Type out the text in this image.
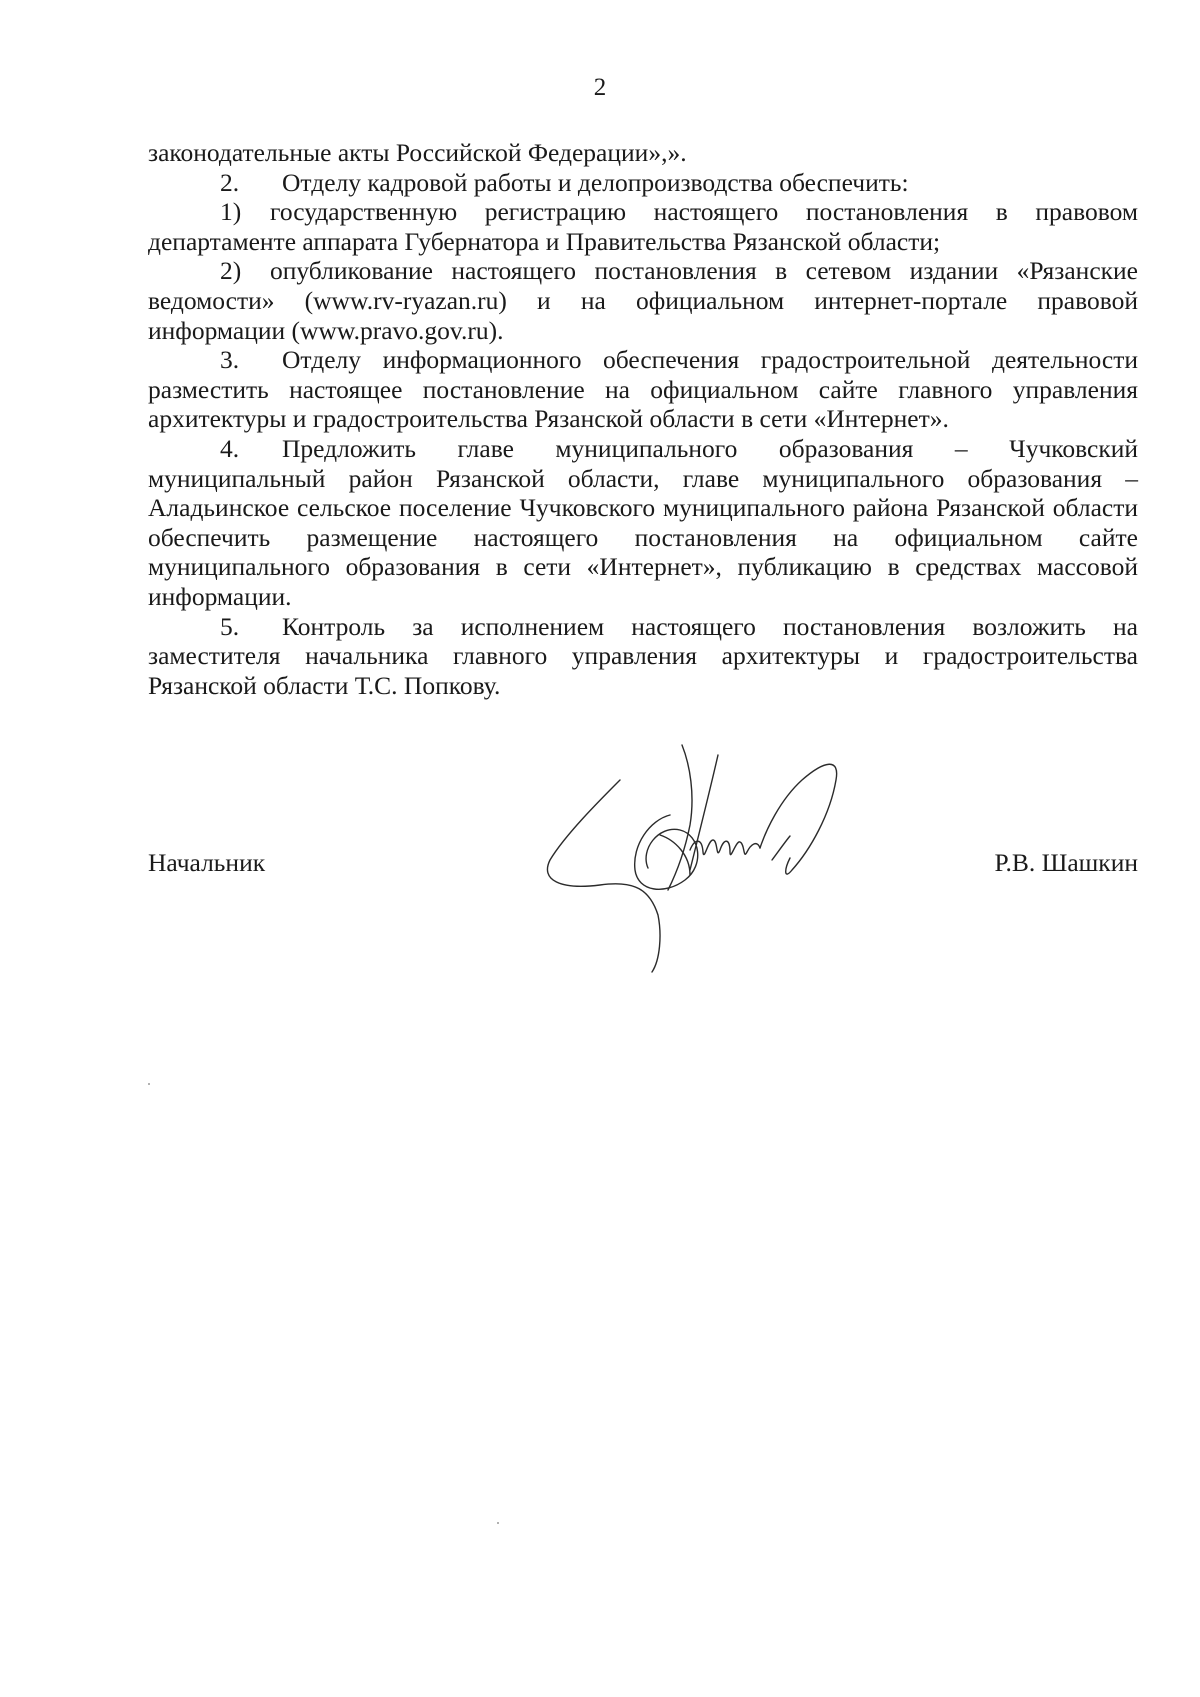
2

законодательные акты Российской Федерации»,».

2. Отделу кадровой работы и делопроизводства обеспечить:

1) государственную регистрацию настоящего постановления в правовом департаменте аппарата Губернатора и Правительства Рязанской области;

2) опубликование настоящего постановления в сетевом издании «Рязанские ведомости» (www.rv-ryazan.ru) и на официальном интернет-портале правовой информации (www.pravo.gov.ru).

3. Отделу информационного обеспечения градостроительной деятельности разместить настоящее постановление на официальном сайте главного управления архитектуры и градостроительства Рязанской области в сети «Интернет».

4. Предложить главе муниципального образования – Чучковский муниципальный район Рязанской области, главе муниципального образования – Аладьинское сельское поселение Чучковского муниципального района Рязанской области обеспечить размещение настоящего постановления на официальном сайте муниципального образования в сети «Интернет», публикацию в средствах массовой информации.

5. Контроль за исполнением настоящего постановления возложить на заместителя начальника главного управления архитектуры и градостроительства Рязанской области Т.С. Попкову.

Начальник	Р.В. Шашкин
